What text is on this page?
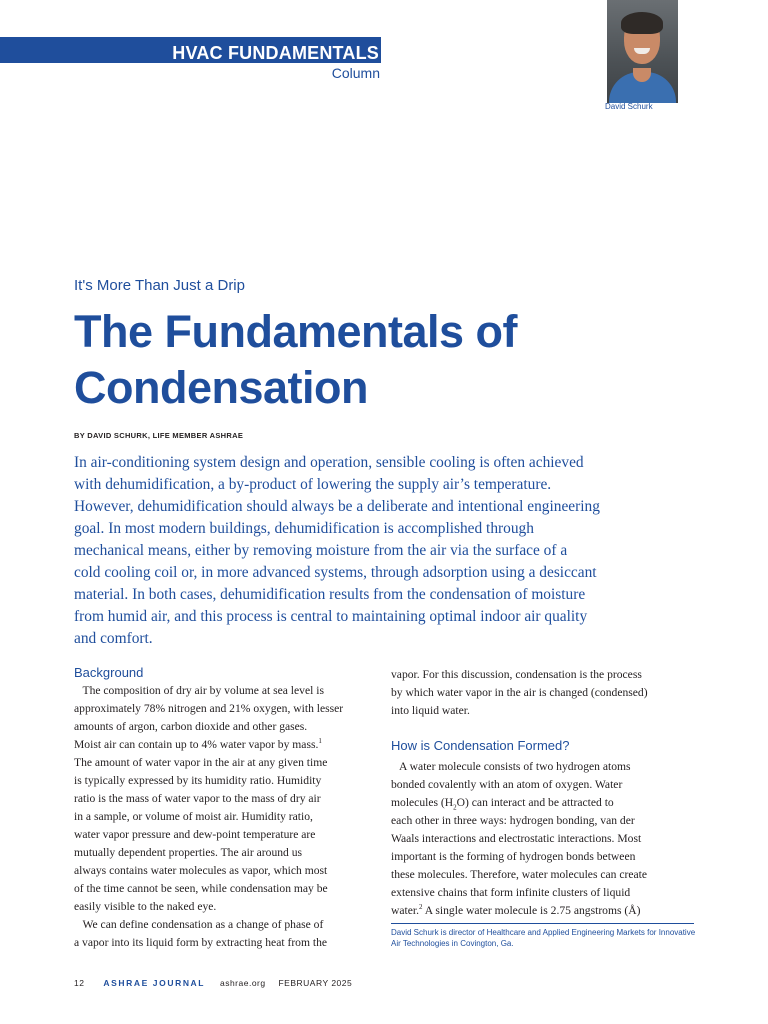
HVAC FUNDAMENTALS
Column
David Schurk
It's More Than Just a Drip
The Fundamentals of
Condensation
BY DAVID SCHURK, LIFE MEMBER ASHRAE

In air-conditioning system design and operation, sensible cooling is often achieved
with dehumidification, a by-product of lowering the supply air’s temperature.
However, dehumidification should always be a deliberate and intentional engineering
goal. In most modern buildings, dehumidification is accomplished through
mechanical means, either by removing moisture from the air via the surface of a
cold cooling coil or, in more advanced systems, through adsorption using a desiccant
material. In both cases, dehumidification results from the condensation of moisture
from humid air, and this process is central to maintaining optimal indoor air quality
and comfort.

Background
The composition of dry air by volume at sea level is
approximately 78% nitrogen and 21% oxygen, with lesser
amounts of argon, carbon dioxide and other gases.
Moist air can contain up to 4% water vapor by mass.$^1$
The amount of water vapor in the air at any given time
is typically expressed by its humidity ratio. Humidity
ratio is the mass of water vapor to the mass of dry air
in a sample, or volume of moist air. Humidity ratio,
water vapor pressure and dew-point temperature are
mutually dependent properties. The air around us
always contains water molecules as vapor, which most
of the time cannot be seen, while condensation may be
easily visible to the naked eye.
We can define condensation as a change of phase of
a vapor into its liquid form by extracting heat from the
vapor. For this discussion, condensation is the process
by which water vapor in the air is changed (condensed)
into liquid water.
How is Condensation Formed?
A water molecule consists of two hydrogen atoms
bonded covalently with an atom of oxygen. Water
molecules $(H_2O)$ can interact and be attracted to
each other in three ways: hydrogen bonding, van der
Waals interactions and electrostatic interactions. Most
important is the forming of hydrogen bonds between
these molecules. Therefore, water molecules can create
extensive chains that form infinite clusters of liquid
water.$^2$ A single water molecule is 2.75 angstroms (Å)
David Schurk is director of Healthcare and Applied Engineering Markets for Innovative
Air Technologies in Covington, Ga.
12 ASHRAE JOURNAL ashrae.org FEBRUARY 2025
